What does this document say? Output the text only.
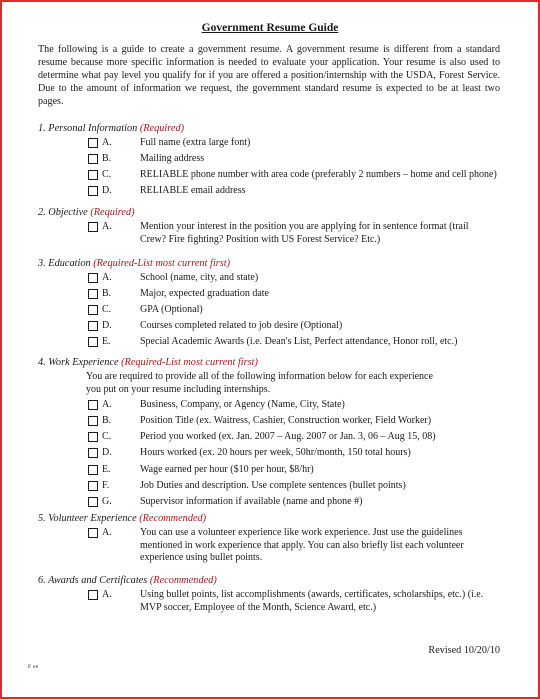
Government Resume Guide
The following is a guide to create a government resume. A government resume is different from a standard resume because more specific information is needed to evaluate your application. Your resume is also used to determine what pay level you qualify for if you are offered a position/internship with the USDA, Forest Service. Due to the amount of information we request, the government standard resume is expected to be at least two pages.
1. Personal Information (Required)
A.	Full name (extra large font)
B.	Mailing address
C.	RELIABLE phone number with area code (preferably 2 numbers – home and cell phone)
D.	RELIABLE email address
2. Objective (Required)
A.	Mention your interest in the position you are applying for in sentence format (trail Crew? Fire fighting? Position with US Forest Service? Etc.)
3. Education (Required-List most current first)
A.	School (name, city, and state)
B.	Major, expected graduation date
C.	GPA (Optional)
D.	Courses completed related to job desire (Optional)
E.	Special Academic Awards (i.e. Dean's List, Perfect attendance, Honor roll, etc.)
4. Work Experience (Required-List most current first)
You are required to provide all of the following information below for each experience you put on your resume including internships.
A.	Business, Company, or Agency (Name, City, State)
B.	Position Title (ex. Waitress, Cashier, Construction worker, Field Worker)
C.	Period you worked (ex. Jan. 2007 – Aug. 2007 or Jan. 3, 06 – Aug 15, 08)
D.	Hours worked (ex. 20 hours per week, 50hr/month, 150 total hours)
E.	Wage earned per hour ($10 per hour, $8/hr)
F.	Job Duties and description. Use complete sentences (bullet points)
G.	Supervisor information if available (name and phone #)
5. Volunteer Experience (Recommended)
A.	You can use a volunteer experience like work experience. Just use the guidelines mentioned in work experience that apply. You can also briefly list each volunteer experience using bullet points.
6. Awards and Certificates (Recommended)
A.	Using bullet points, list accomplishments (awards, certificates, scholarships, etc.) (i.e. MVP soccer, Employee of the Month, Science Award, etc.)
Revised 10/20/10
F ee
